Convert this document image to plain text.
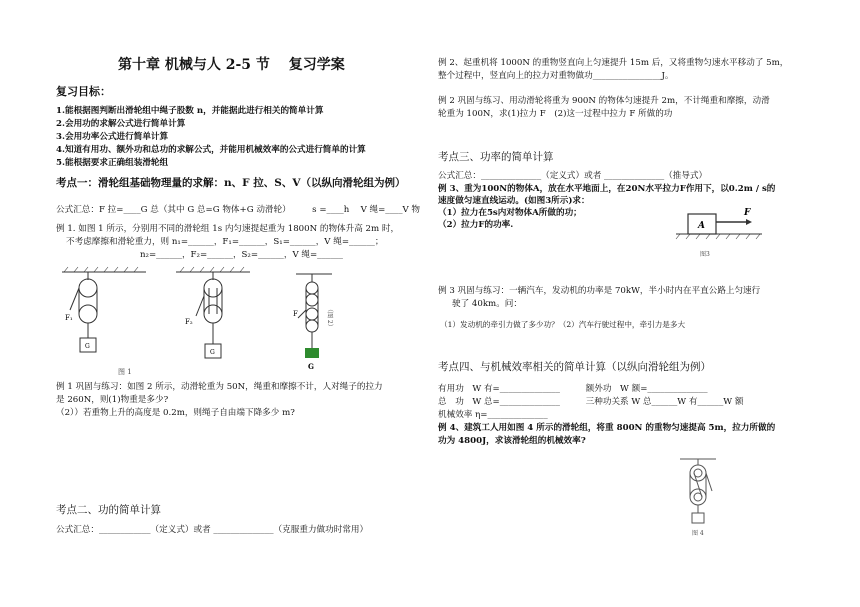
第十章 机械与人 2-5 节　 复习学案
复习目标：
1.能根据图判断出滑轮组中绳子股数 n，并能据此进行相关的简单计算
2.会用功的求解公式进行简单计算
3.会用功率公式进行简单计算
4.知道有用功、额外功和总功的求解公式，并能用机械效率的公式进行简单的计算
5.能根据要求正确组装滑轮组
考点一：滑轮组基础物理量的求解：n、F 拉、S、V（以纵向滑轮组为例）
公式汇总：F 拉=____G 总（其中 G 总=G 物体+G 动滑轮）　　　s =____h　 V 绳=____V 物
例 1. 如图 1 所示，分别用不同的滑轮组 1s 内匀速提起重为 1800N 的物体升高 2m 时，
不考虑摩擦和滑轮重力，则 n₁=______，F₁=______，S₁=______，V 绳=______；
n₂=______，F₂=______，S₂=______，V 绳=______
F₁	F₂
G
G
图 1
F
G
（图 2）
例 1 巩固与练习：如图 2 所示，动滑轮重为 50N，绳重和摩擦不计，人对绳子的拉力
是 260N，则(1)物重是多少?
（2））若重物上升的高度是 0.2m，则绳子自由端下降多少 m?
考点二、功的简单计算
公式汇总：____________（定义式）或者 ______________（克服重力做功时常用）
例 2、起重机将 1000N 的重物竖直向上匀速提升 15m 后，又将重物匀速水平移动了 5m，
整个过程中，竖直向上的拉力对重物做功________________J。
例 2 巩固与练习、用动滑轮将重为 900N 的物体匀速提升 2m，不计绳重和摩擦，动滑
轮重为 100N，求(1)拉力 F　(2)这一过程中拉力 F 所做的功
考点三、功率的简单计算
公式汇总：______________（定义式）或者 ______________（推导式）
例 3、重为100N的物体A，放在水平地面上，在20N水平拉力F作用下，以0.2m / s的
速度做匀速直线运动。(如图3所示)求：
（1）拉力在5s内对物体A所做的功；
（2）拉力F的功率.	A
F
图3
例 3 巩固与练习：一辆汽车，发动机的功率是 70kW，半小时内在平直公路上匀速行
驶了 40km。问：
（1）发动机的牵引力做了多少功？（2）汽车行驶过程中，牵引力是多大
考点四、与机械效率相关的简单计算（以纵向滑轮组为例）
有用功　W 有=______________　　　额外功　W 额=______________
总　功　W 总=______________　　　三种功关系 W 总______W 有______W 额
机械效率 η=______________
例 4、建筑工人用如图 4 所示的滑轮组，将重 800N 的重物匀速提高 5m，拉力所做的
功为 4800J，求该滑轮组的机械效率?
图 4
